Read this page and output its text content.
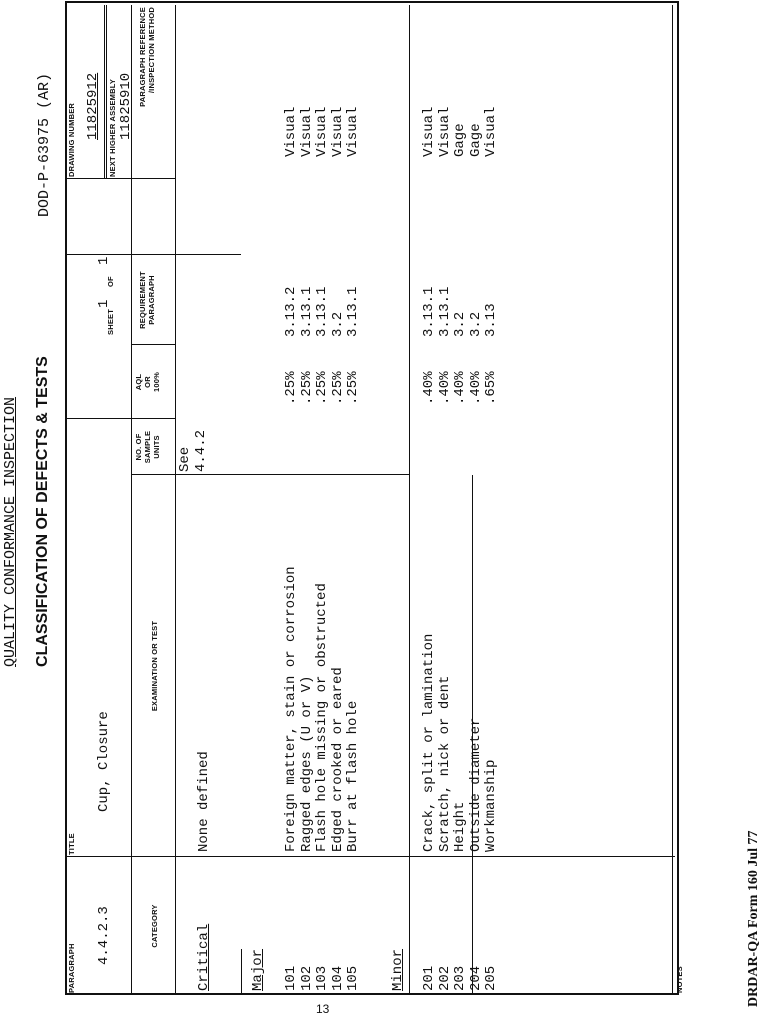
QUALITY CONFORMANCE INSPECTION CLASSIFICATION OF DEFECTS & TESTS
DOD-P-63975 (AR)
PARAGRAPH
4.4.2.3
TITLE
Cup, Closure
SHEET
1
OF
1
DRAWING NUMBER 11825912 NEXT HIGHER ASSEMBLY 11825910
CATEGORY
EXAMINATION OR TEST
NO. OF
SAMPLE
UNITS
AQL
OR
100%
REQUIREMENT
PARAGRAPH
PARAGRAPH REFERENCE
/INSPECTION METHOD
See
4.4.2
Critical
None defined
Major 101
102
103
104
105
Foreign matter, stain or corrosion
Ragged edges (U or V)
Flash hole missing or obstructed
Edged crooked or eared
Burr at flash hole
.25%
.25%
.25%
.25%
.25%
3.13.2
3.13.1
3.13.1
3.2
3.13.1
Visual
Visual
Visual
Visual
Visual
Minor 201
202
203
204
205
Crack, split or lamination
Scratch, nick or dent
Height
Outside diameter
Workmanship
.40%
.40%
.40%
.40%
.65%
3.13.1
3.13.1
3.2
3.2
3.13
Visual
Visual
Gage
Gage
Visual
NOTES	DRDAR-QA Form 160 Jul 77
13
